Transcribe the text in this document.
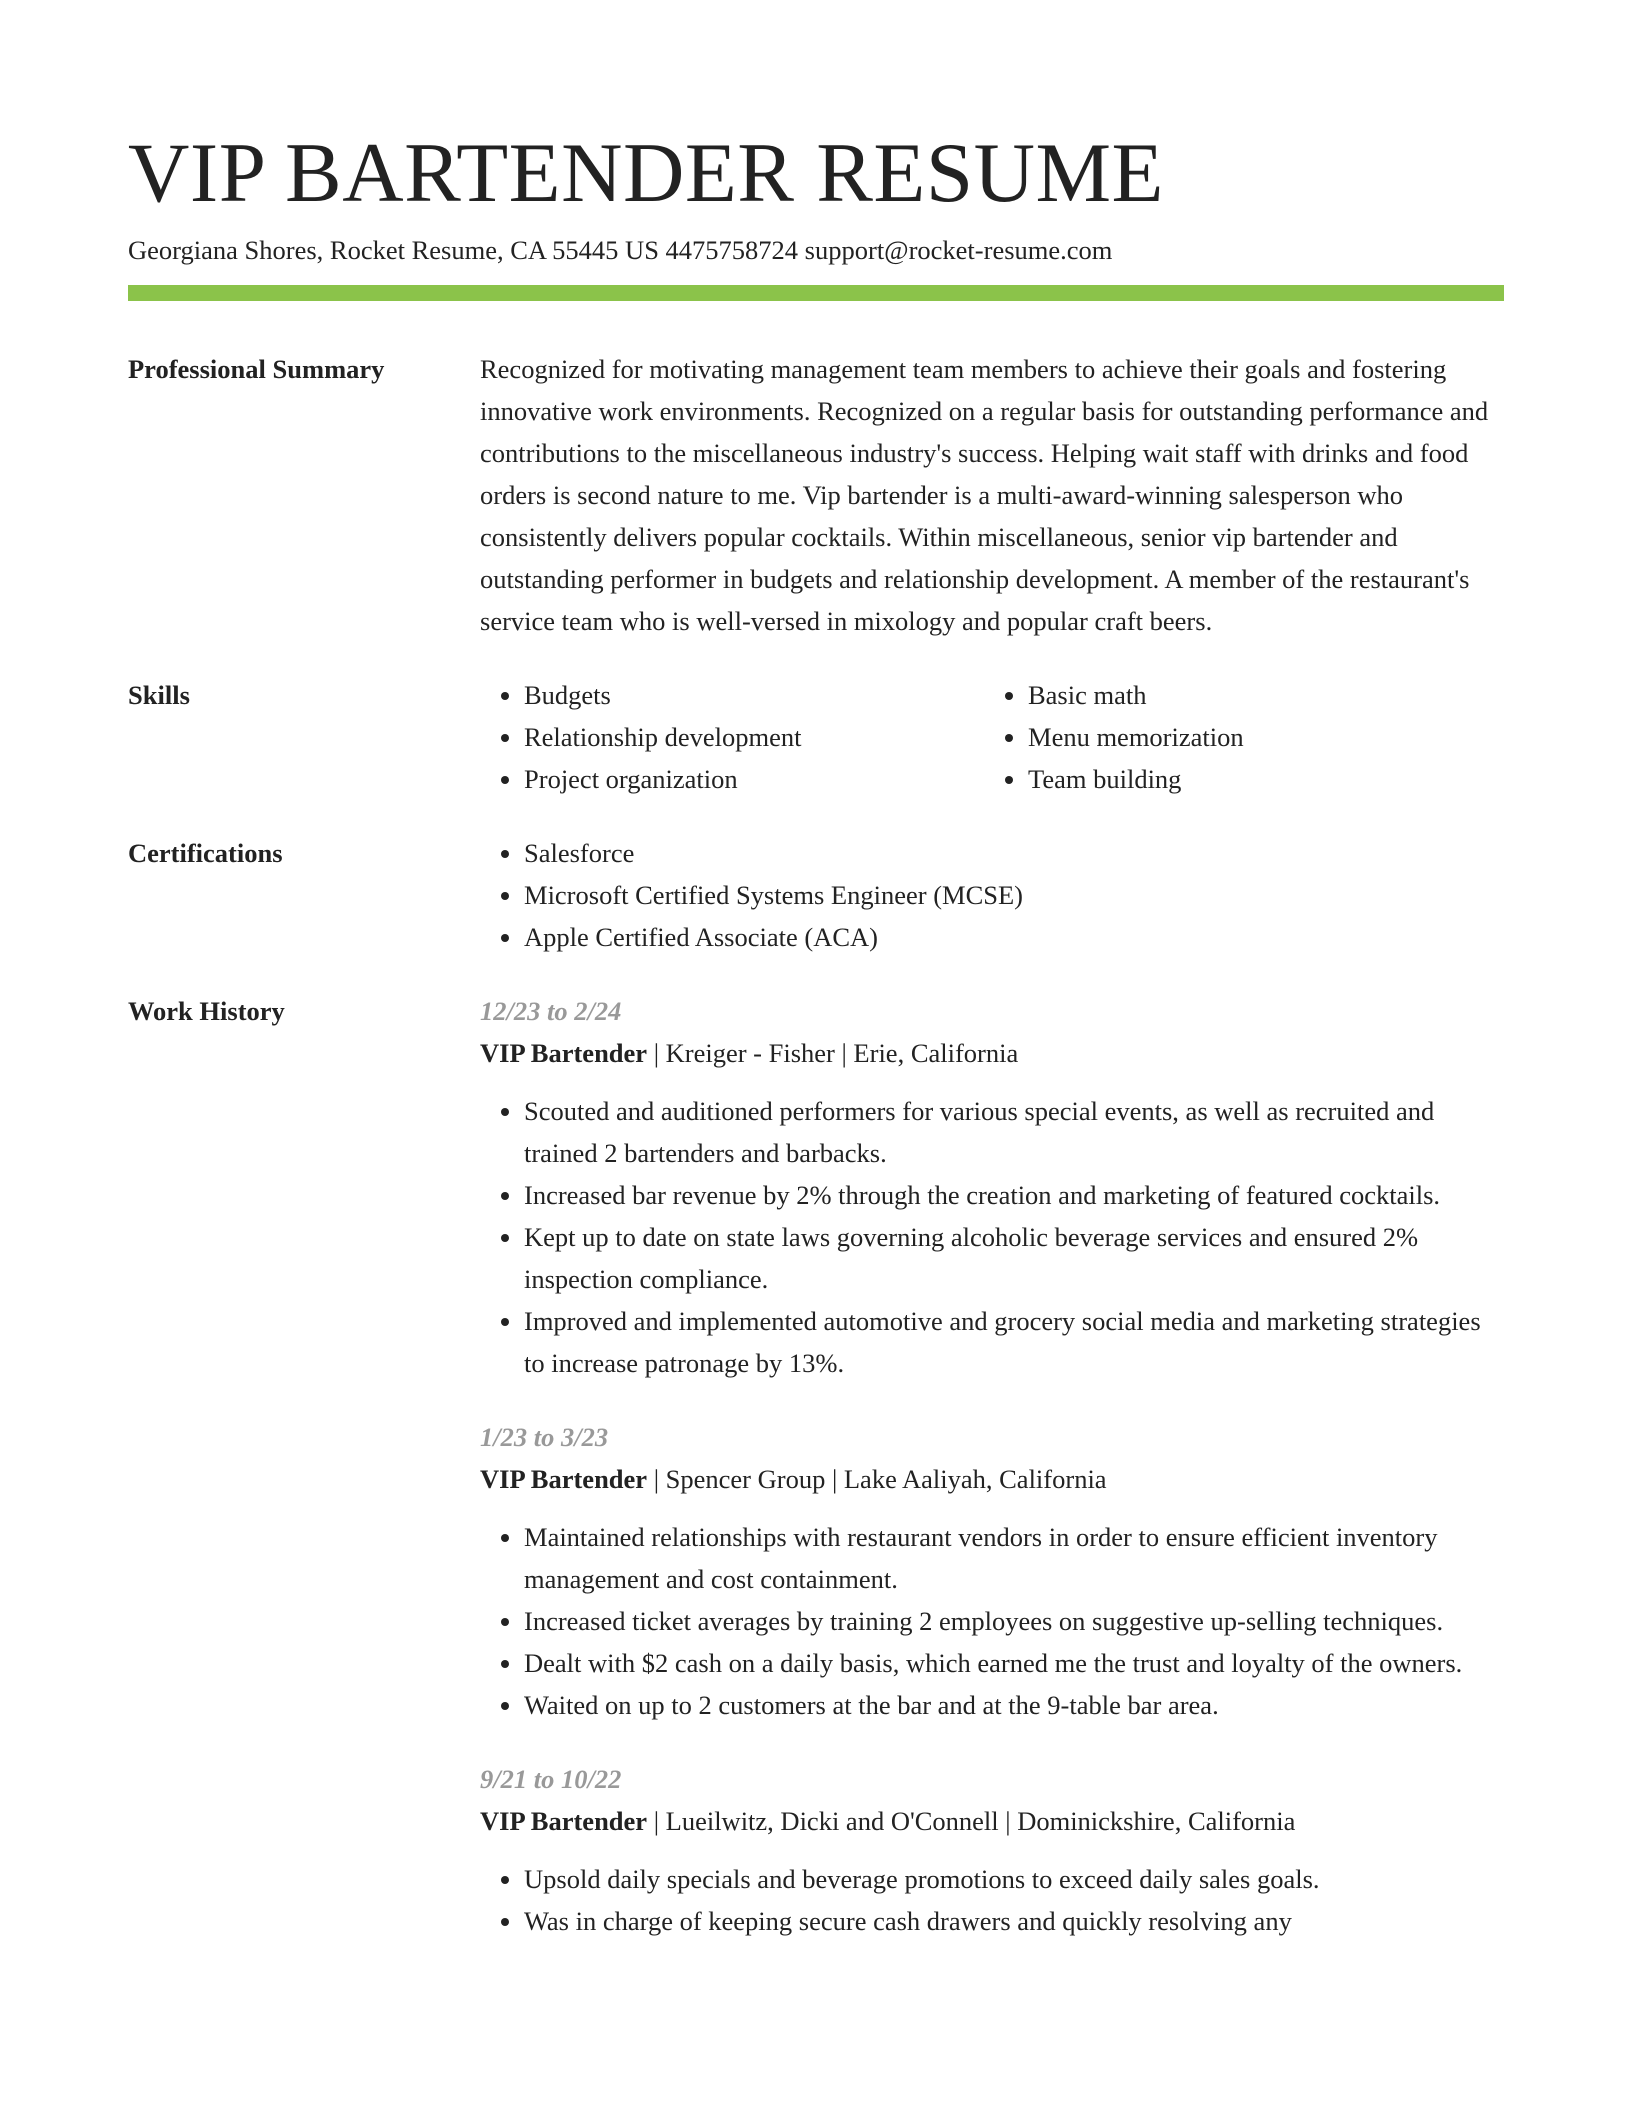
VIP BARTENDER RESUME
Georgiana Shores, Rocket Resume, CA 55445 US 4475758724 support@rocket-resume.com
Professional Summary	Recognized for motivating management team members to achieve their goals and fostering innovative work environments. Recognized on a regular basis for outstanding performance and contributions to the miscellaneous industry's success. Helping wait staff with drinks and food orders is second nature to me. Vip bartender is a multi-award-winning salesperson who consistently delivers popular cocktails. Within miscellaneous, senior vip bartender and outstanding performer in budgets and relationship development. A member of the restaurant's service team who is well-versed in mixology and popular craft beers.

Skills	• Budgets
• Relationship development
• Project organization
• Basic math
• Menu memorization
• Team building
Certifications	• Salesforce
• Microsoft Certified Systems Engineer (MCSE)
• Apple Certified Associate (ACA)
Work History	12/23 to 2/24
VIP Bartender | Kreiger - Fisher | Erie, California
• Scouted and auditioned performers for various special events, as well as recruited and trained 2 bartenders and barbacks.
• Increased bar revenue by 2% through the creation and marketing of featured cocktails.
• Kept up to date on state laws governing alcoholic beverage services and ensured 2% inspection compliance.
• Improved and implemented automotive and grocery social media and marketing strategies to increase patronage by 13%.
1/23 to 3/23
VIP Bartender | Spencer Group | Lake Aaliyah, California
• Maintained relationships with restaurant vendors in order to ensure efficient inventory management and cost containment.
• Increased ticket averages by training 2 employees on suggestive up-selling techniques.
• Dealt with $2 cash on a daily basis, which earned me the trust and loyalty of the owners.
• Waited on up to 2 customers at the bar and at the 9-table bar area.
9/21 to 10/22
VIP Bartender | Lueilwitz, Dicki and O'Connell | Dominickshire, California
• Upsold daily specials and beverage promotions to exceed daily sales goals.
• Was in charge of keeping secure cash drawers and quickly resolving any
